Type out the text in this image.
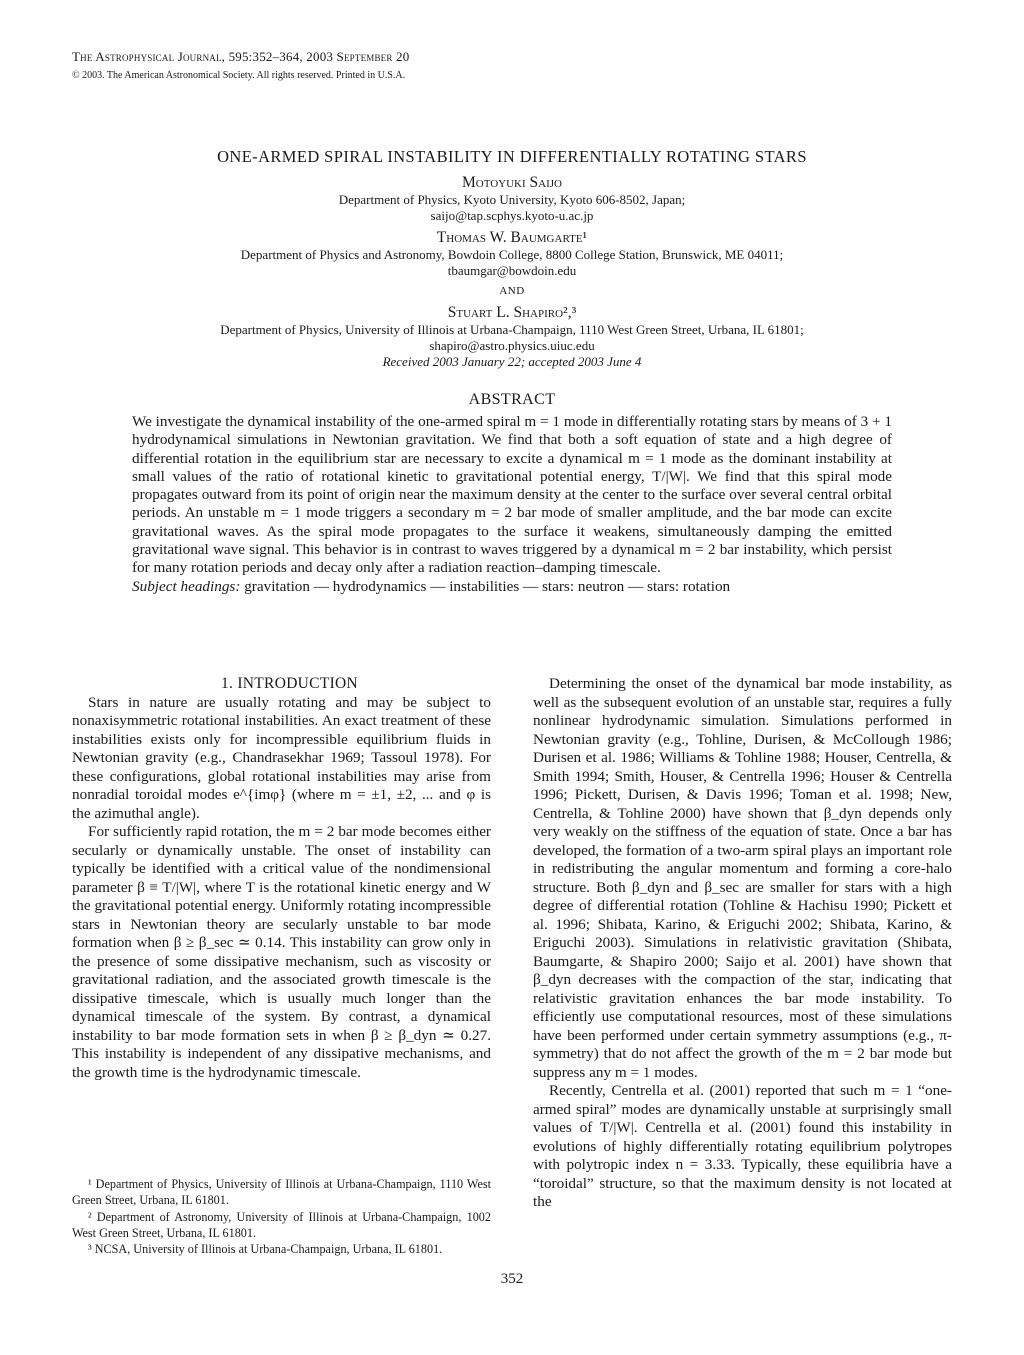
The Astrophysical Journal, 595:352–364, 2003 September 20
© 2003. The American Astronomical Society. All rights reserved. Printed in U.S.A.
ONE-ARMED SPIRAL INSTABILITY IN DIFFERENTIALLY ROTATING STARS
Motoyuki Saijo
Department of Physics, Kyoto University, Kyoto 606-8502, Japan;
saijo@tap.scphys.kyoto-u.ac.jp
Thomas W. Baumgarte¹
Department of Physics and Astronomy, Bowdoin College, 8800 College Station, Brunswick, ME 04011;
tbaumgar@bowdoin.edu
AND
Stuart L. Shapiro²,³
Department of Physics, University of Illinois at Urbana-Champaign, 1110 West Green Street, Urbana, IL 61801;
shapiro@astro.physics.uiuc.edu
Received 2003 January 22; accepted 2003 June 4
ABSTRACT

We investigate the dynamical instability of the one-armed spiral m = 1 mode in differentially rotating stars by means of 3 + 1 hydrodynamical simulations in Newtonian gravitation. We find that both a soft equation of state and a high degree of differential rotation in the equilibrium star are necessary to excite a dynamical m = 1 mode as the dominant instability at small values of the ratio of rotational kinetic to gravitational potential energy, T/|W|. We find that this spiral mode propagates outward from its point of origin near the maximum density at the center to the surface over several central orbital periods. An unstable m = 1 mode triggers a secondary m = 2 bar mode of smaller amplitude, and the bar mode can excite gravitational waves. As the spiral mode propagates to the surface it weakens, simultaneously damping the emitted gravitational wave signal. This behavior is in contrast to waves triggered by a dynamical m = 2 bar instability, which persist for many rotation periods and decay only after a radiation reaction–damping timescale.

Subject headings: gravitation — hydrodynamics — instabilities — stars: neutron — stars: rotation

1. INTRODUCTION

Stars in nature are usually rotating and may be subject to nonaxisymmetric rotational instabilities. An exact treatment of these instabilities exists only for incompressible equilibrium fluids in Newtonian gravity (e.g., Chandrasekhar 1969; Tassoul 1978). For these configurations, global rotational instabilities may arise from nonradial toroidal modes e^{imφ} (where m = ±1, ±2, ... and φ is the azimuthal angle).

For sufficiently rapid rotation, the m = 2 bar mode becomes either secularly or dynamically unstable. The onset of instability can typically be identified with a critical value of the nondimensional parameter β ≡ T/|W|, where T is the rotational kinetic energy and W the gravitational potential energy. Uniformly rotating incompressible stars in Newtonian theory are secularly unstable to bar mode formation when β ≥ β_sec ≃ 0.14. This instability can grow only in the presence of some dissipative mechanism, such as viscosity or gravitational radiation, and the associated growth timescale is the dissipative timescale, which is usually much longer than the dynamical timescale of the system. By contrast, a dynamical instability to bar mode formation sets in when β ≥ β_dyn ≃ 0.27. This instability is independent of any dissipative mechanisms, and the growth time is the hydrodynamic timescale.

Determining the onset of the dynamical bar mode instability, as well as the subsequent evolution of an unstable star, requires a fully nonlinear hydrodynamic simulation. Simulations performed in Newtonian gravity (e.g., Tohline, Durisen, & McCollough 1986; Durisen et al. 1986; Williams & Tohline 1988; Houser, Centrella, & Smith 1994; Smith, Houser, & Centrella 1996; Houser & Centrella 1996; Pickett, Durisen, & Davis 1996; Toman et al. 1998; New, Centrella, & Tohline 2000) have shown that β_dyn depends only very weakly on the stiffness of the equation of state. Once a bar has developed, the formation of a two-arm spiral plays an important role in redistributing the angular momentum and forming a core-halo structure. Both β_dyn and β_sec are smaller for stars with a high degree of differential rotation (Tohline & Hachisu 1990; Pickett et al. 1996; Shibata, Karino, & Eriguchi 2002; Shibata, Karino, & Eriguchi 2003). Simulations in relativistic gravitation (Shibata, Baumgarte, & Shapiro 2000; Saijo et al. 2001) have shown that β_dyn decreases with the compaction of the star, indicating that relativistic gravitation enhances the bar mode instability. To efficiently use computational resources, most of these simulations have been performed under certain symmetry assumptions (e.g., π-symmetry) that do not affect the growth of the m = 2 bar mode but suppress any m = 1 modes.

Recently, Centrella et al. (2001) reported that such m = 1 “one-armed spiral” modes are dynamically unstable at surprisingly small values of T/|W|. Centrella et al. (2001) found this instability in evolutions of highly differentially rotating equilibrium polytropes with polytropic index n = 3.33. Typically, these equilibria have a “toroidal” structure, so that the maximum density is not located at the

¹ Department of Physics, University of Illinois at Urbana-Champaign, 1110 West Green Street, Urbana, IL 61801.

² Department of Astronomy, University of Illinois at Urbana-Champaign, 1002 West Green Street, Urbana, IL 61801.

³ NCSA, University of Illinois at Urbana-Champaign, Urbana, IL 61801.

352
